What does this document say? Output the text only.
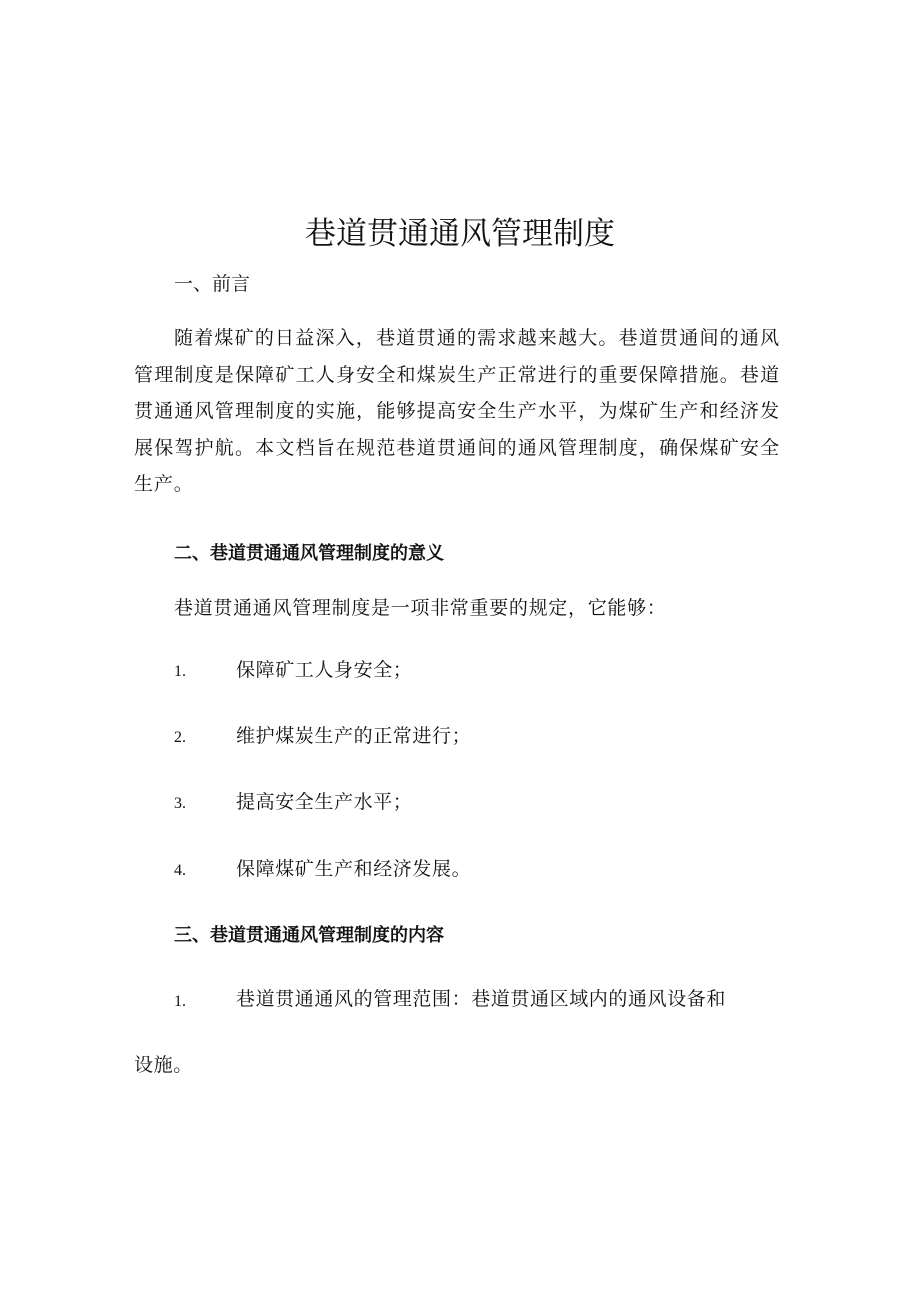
巷道贯通通风管理制度
一、前言
随着煤矿的日益深入，巷道贯通的需求越来越大。巷道贯通间的通风管理制度是保障矿工人身安全和煤炭生产正常进行的重要保障措施。巷道贯通通风管理制度的实施，能够提高安全生产水平，为煤矿生产和经济发展保驾护航。本文档旨在规范巷道贯通间的通风管理制度，确保煤矿安全生产。
二、巷道贯通通风管理制度的意义
巷道贯通通风管理制度是一项非常重要的规定，它能够：
1.	保障矿工人身安全；
2.	维护煤炭生产的正常进行；
3.	提高安全生产水平；
4.	保障煤矿生产和经济发展。
三、巷道贯通通风管理制度的内容
1.	巷道贯通通风的管理范围：巷道贯通区域内的通风设备和
设施。
